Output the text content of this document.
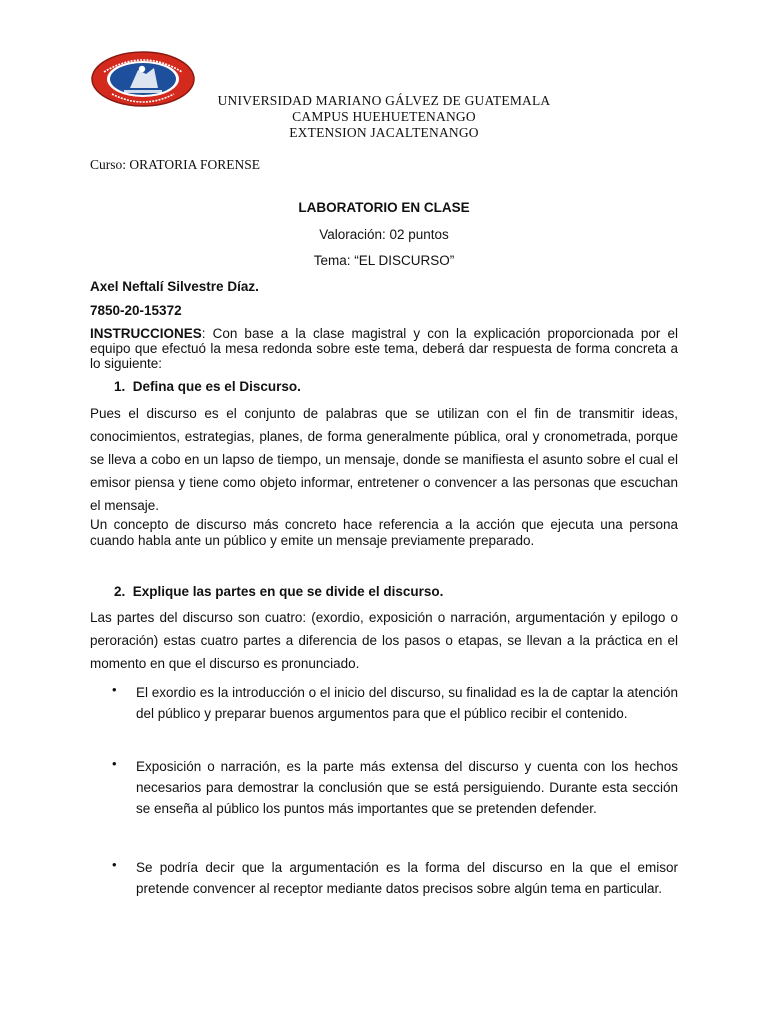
UNIVERSIDAD MARIANO GÁLVEZ DE GUATEMALA
CAMPUS HUEHUETENANGO
EXTENSION JACALTENANGO
Curso: ORATORIA FORENSE
LABORATORIO EN CLASE
Valoración: 02 puntos
Tema: “EL DISCURSO”
Axel Neftalí Silvestre Díaz.
7850-20-15372
INSTRUCCIONES: Con base a la clase magistral y con la explicación proporcionada por el equipo que efectuó la mesa redonda sobre este tema, deberá dar respuesta de forma concreta a lo siguiente:
1. Defina que es el Discurso.
Pues el discurso es el conjunto de palabras que se utilizan con el fin de transmitir ideas, conocimientos, estrategias, planes, de forma generalmente pública, oral y cronometrada, porque se lleva a cobo en un lapso de tiempo, un mensaje, donde se manifiesta el asunto sobre el cual el emisor piensa y tiene como objeto informar, entretener o convencer a las personas que escuchan el mensaje.
Un concepto de discurso más concreto hace referencia a la acción que ejecuta una persona cuando habla ante un público y emite un mensaje previamente preparado.
2. Explique las partes en que se divide el discurso.
Las partes del discurso son cuatro: (exordio, exposición o narración, argumentación y epilogo o peroración) estas cuatro partes a diferencia de los pasos o etapas, se llevan a la práctica en el momento en que el discurso es pronunciado.
• El exordio es la introducción o el inicio del discurso, su finalidad es la de captar la atención del público y preparar buenos argumentos para que el público recibir el contenido.
• Exposición o narración, es la parte más extensa del discurso y cuenta con los hechos necesarios para demostrar la conclusión que se está persiguiendo. Durante esta sección se enseña al público los puntos más importantes que se pretenden defender.
• Se podría decir que la argumentación es la forma del discurso en la que el emisor pretende convencer al receptor mediante datos precisos sobre algún tema en particular.
